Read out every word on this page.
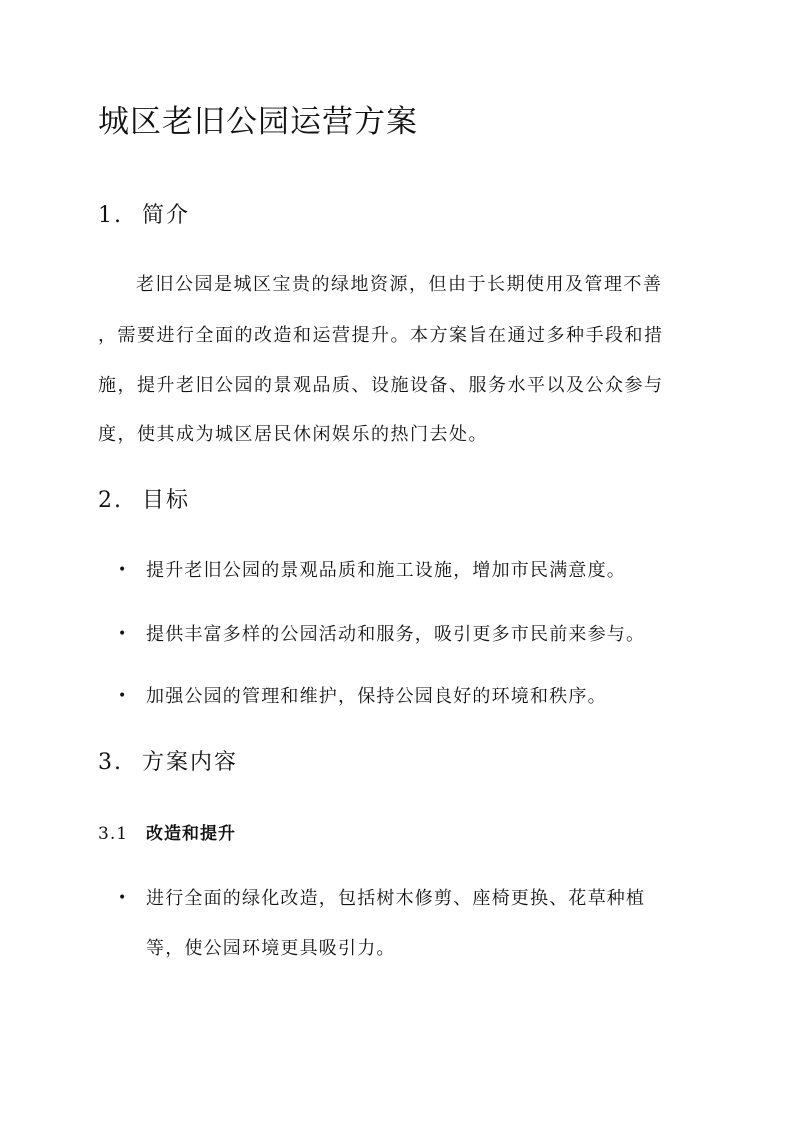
城区老旧公园运营方案
1. 简介

老旧公园是城区宝贵的绿地资源，但由于长期使用及管理不善

，需要进行全面的改造和运营提升。本方案旨在通过多种手段和措

施，提升老旧公园的景观品质、设施设备、服务水平以及公众参与

度，使其成为城区居民休闲娱乐的热门去处。

2. 目标
• 提升老旧公园的景观品质和施工设施，增加市民满意度。
• 提供丰富多样的公园活动和服务，吸引更多市民前来参与。
• 加强公园的管理和维护，保持公园良好的环境和秩序。
3. 方案内容
3.1 改造和提升
• 进行全面的绿化改造，包括树木修剪、座椅更换、花草种植
等，使公园环境更具吸引力。
